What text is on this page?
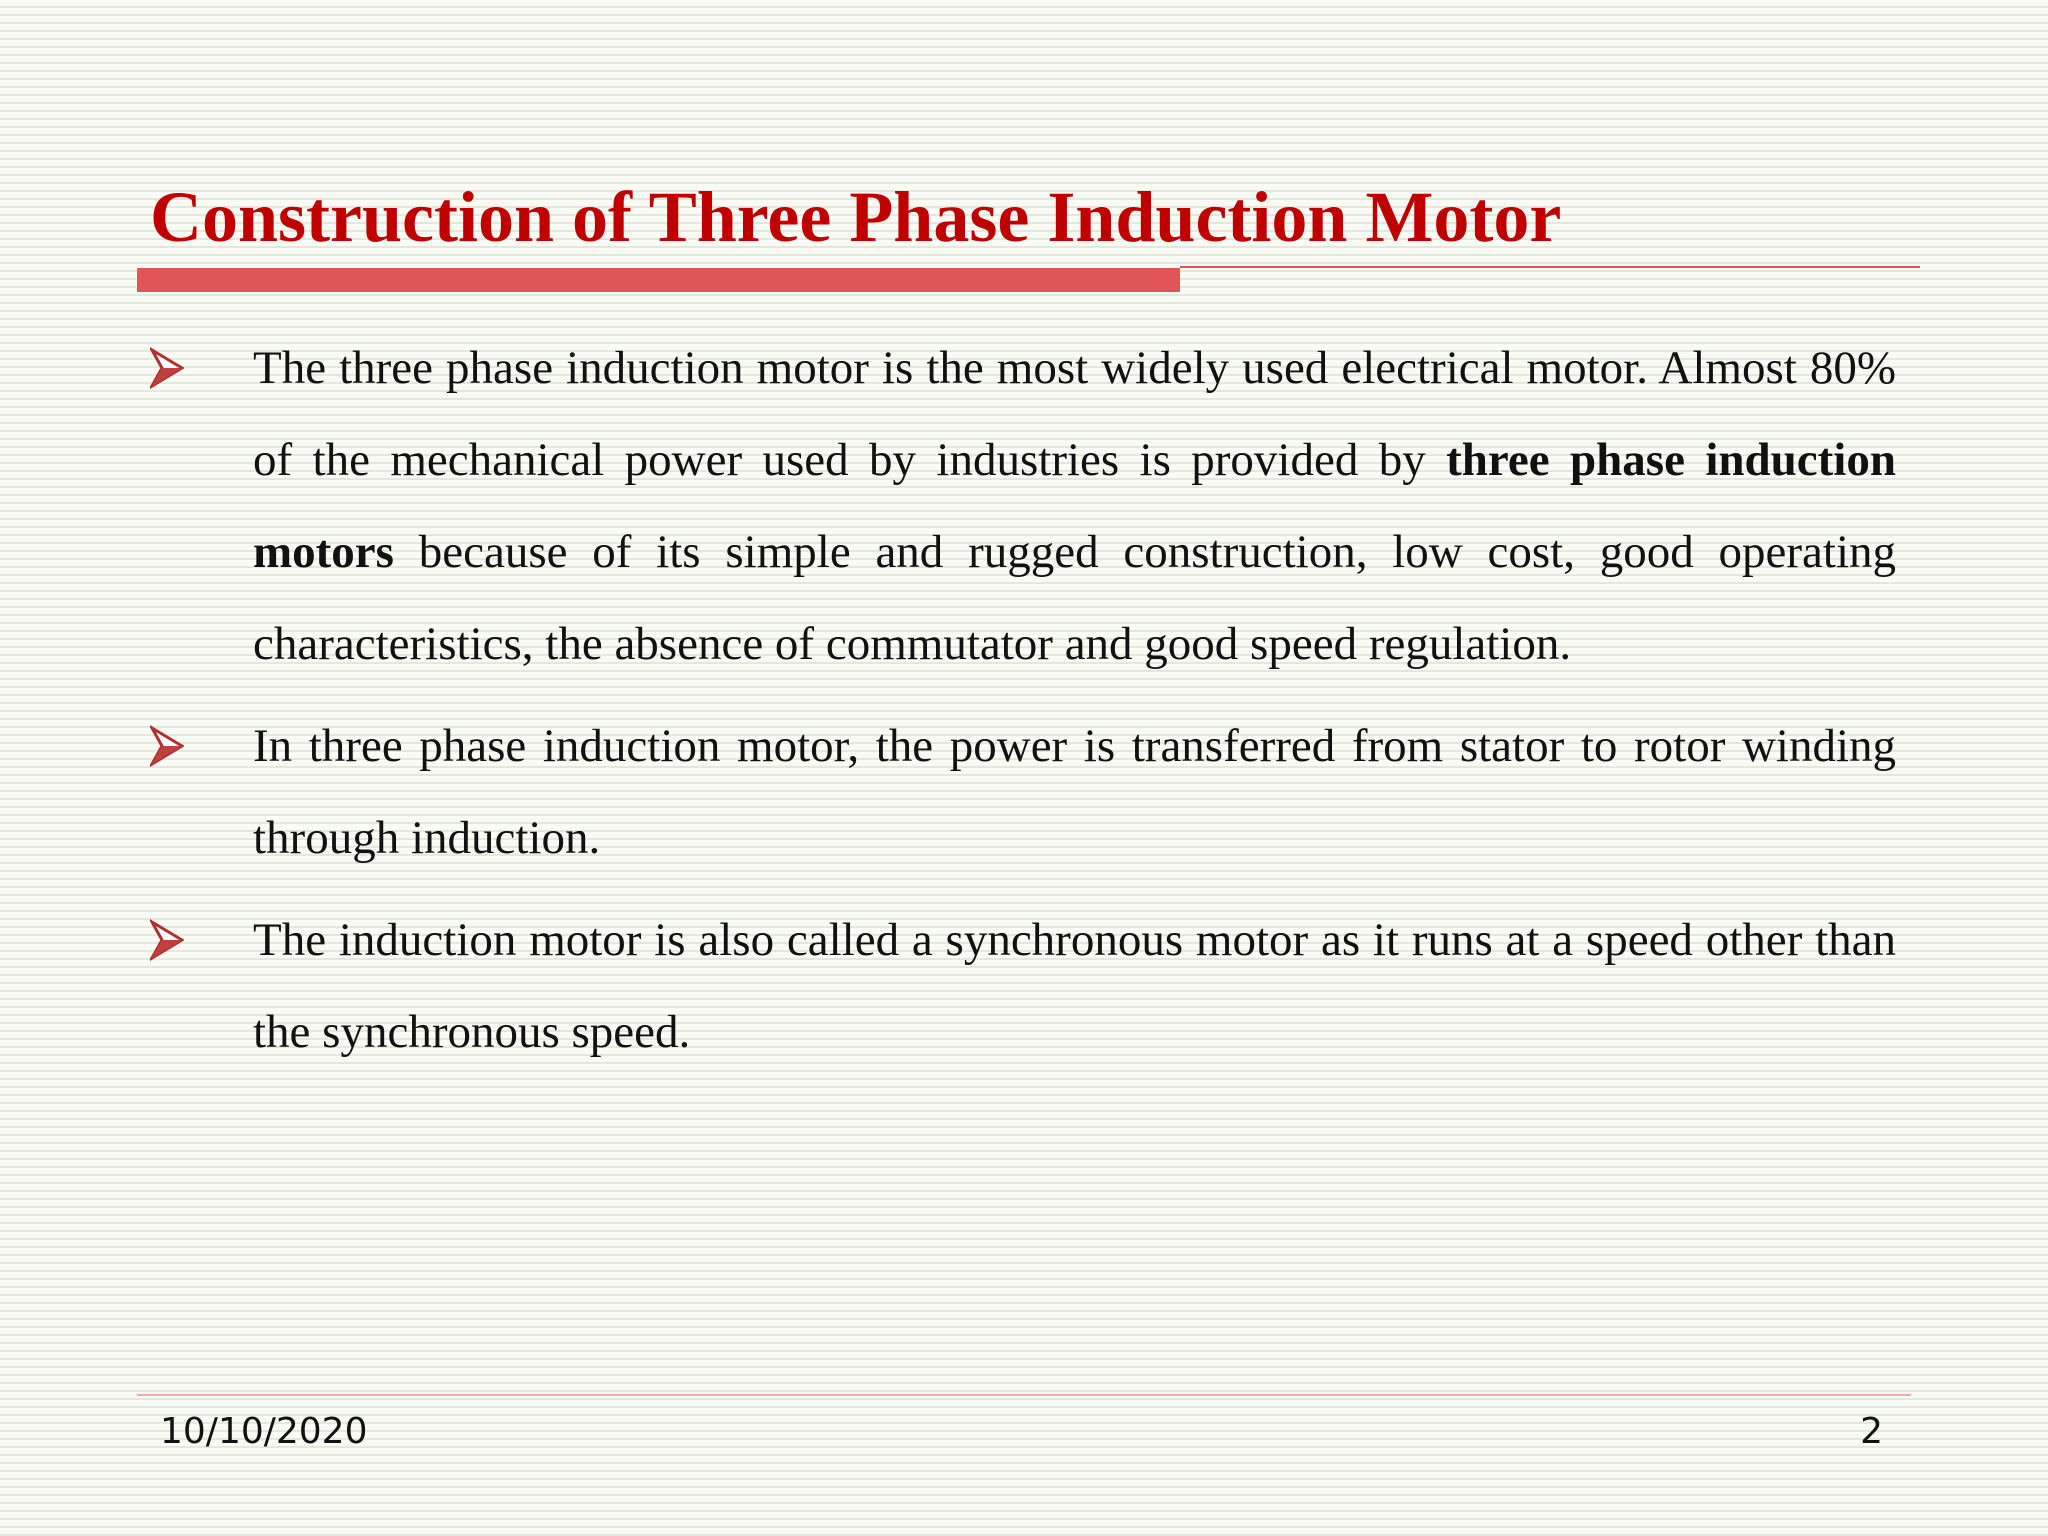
Construction of Three Phase Induction Motor
The three phase induction motor is the most widely used electrical motor. Almost 80% of the mechanical power used by industries is provided by three phase induction motors because of its simple and rugged construction, low cost, good operating characteristics, the absence of commutator and good speed regulation.
In three phase induction motor, the power is transferred from stator to rotor winding through induction.
The induction motor is also called a synchronous motor as it runs at a speed other than the synchronous speed.
10/10/2020	2
